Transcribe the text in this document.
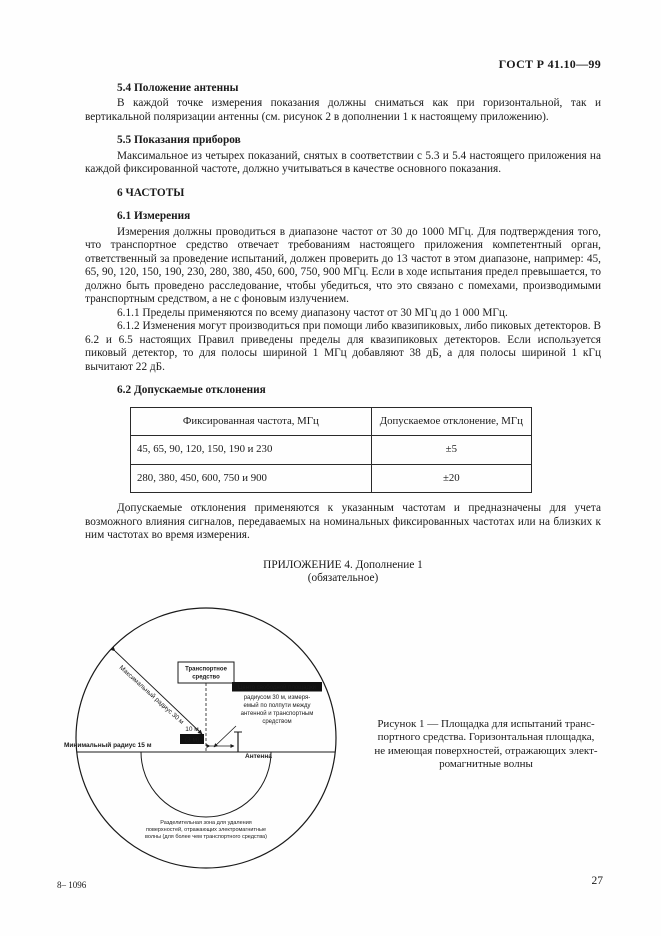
ГОСТ Р 41.10—99

5.4 Положение антенны

В каждой точке измерения показания должны сниматься как при горизонтальной, так и вертикальной поляризации антенны (см. рисунок 2 в дополнении 1 к настоящему приложению).

5.5 Показания приборов

Максимальное из четырех показаний, снятых в соответствии с 5.3 и 5.4 настоящего приложения на каждой фиксированной частоте, должно учитываться в качестве основного показания.

6 ЧАСТОТЫ

6.1 Измерения

Измерения должны проводиться в диапазоне частот от 30 до 1000 МГц. Для подтверждения того, что транспортное средство отвечает требованиям настоящего приложения компетентный орган, ответственный за проведение испытаний, должен проверить до 13 частот в этом диапазоне, например: 45, 65, 90, 120, 150, 190, 230, 280, 380, 450, 600, 750, 900 МГц. Если в ходе испытания предел превышается, то должно быть проведено расследование, чтобы убедиться, что это связано с помехами, производимыми транспортным средством, а не с фоновым излучением.

6.1.1 Пределы применяются по всему диапазону частот от 30 МГц до 1 000 МГц.

6.1.2 Изменения могут производиться при помощи либо квазипиковых, либо пиковых детекторов. В 6.2 и 6.5 настоящих Правил приведены пределы для квазипиковых детекторов. Если используется пиковый детектор, то для полосы шириной 1 МГц добавляют 38 дБ, а для полосы шириной 1 кГц вычитают 22 дБ.

6.2 Допускаемые отклонения

Фиксированная частота, МГц	Допускаемое отклонение, МГц
45, 65, 90, 120, 150, 190 и 230	±5
280, 380, 450, 600, 750 и 900	±20

Допускаемые отклонения применяются к указанным частотам и предназначены для учета возможного влияния сигналов, передаваемых на номинальных фиксированных частотах или на близких к ним частотах во время измерения.

ПРИЛОЖЕНИЕ 4. Дополнение 1
(обязательное)
Максимальный радиус 30 м Транспортное
средство
10 м
(3 м)
Антенна
Центр свободной площадки
радиусом 30 м, измеря-
емый по полпути между
антенной и транспортным
средством
Минимальный радиус 15 м
Разделительная зона для удаления
поверхностей, отражающих электромагнитные
волны (для более чем транспортного средства)
Рисунок 1 — Площадка для испытаний транс-
портного средства. Горизонтальная площадка,
не имеющая поверхностей, отражающих элект-
ромагнитные волны
8– 1096	27
